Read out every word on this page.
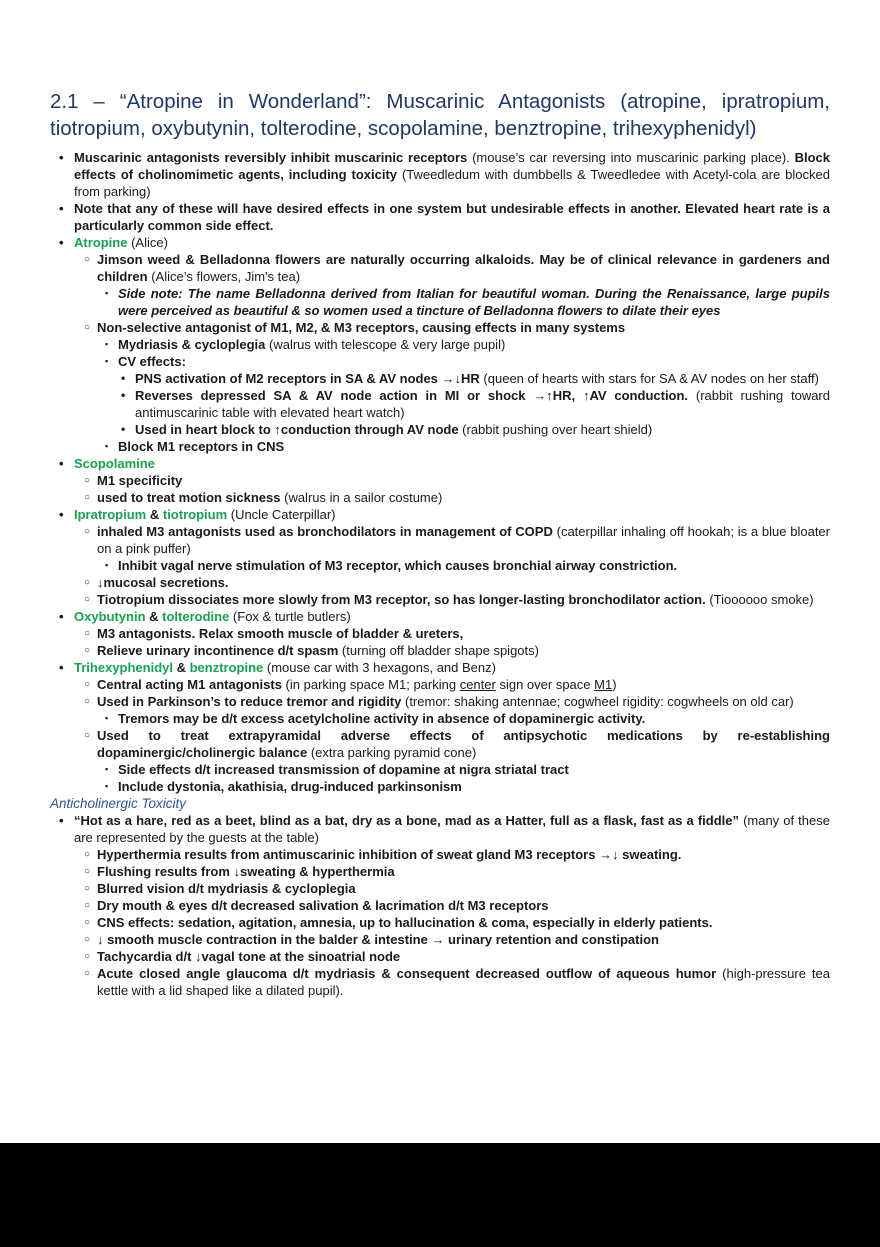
2.1 – “Atropine in Wonderland”: Muscarinic Antagonists (atropine, ipratropium, tiotropium, oxybutynin, tolterodine, scopolamine, benztropine, trihexyphenidyl)
• Muscarinic antagonists reversibly inhibit muscarinic receptors (mouse’s car reversing into muscarinic parking place). Block effects of cholinomimetic agents, including toxicity (Tweedledum with dumbbells & Tweedledee with Acetyl-cola are blocked from parking)
• Note that any of these will have desired effects in one system but undesirable effects in another. Elevated heart rate is a particularly common side effect.
• Atropine (Alice)
○ Jimson weed & Belladonna flowers are naturally occurring alkaloids. May be of clinical relevance in gardeners and children (Alice’s flowers, Jim's tea)
▪ Side note: The name Belladonna derived from Italian for beautiful woman. During the Renaissance, large pupils were perceived as beautiful & so women used a tincture of Belladonna flowers to dilate their eyes
○ Non-selective antagonist of M1, M2, & M3 receptors, causing effects in many systems
▪ Mydriasis & cycloplegia (walrus with telescope & very large pupil)
▪ CV effects:
• PNS activation of M2 receptors in SA & AV nodes →↓HR (queen of hearts with stars for SA & AV nodes on her staff)
• Reverses depressed SA & AV node action in MI or shock →↑HR, ↑AV conduction. (rabbit rushing toward antimuscarinic table with elevated heart watch)
• Used in heart block to ↑conduction through AV node (rabbit pushing over heart shield)
▪ Block M1 receptors in CNS
• Scopolamine
○ M1 specificity
○ used to treat motion sickness (walrus in a sailor costume)
• Ipratropium & tiotropium (Uncle Caterpillar)
○ inhaled M3 antagonists used as bronchodilators in management of COPD (caterpillar inhaling off hookah; is a blue bloater on a pink puffer)
▪ Inhibit vagal nerve stimulation of M3 receptor, which causes bronchial airway constriction.
○ ↓mucosal secretions.
○ Tiotropium dissociates more slowly from M3 receptor, so has longer-lasting bronchodilator action. (Tioooooo smoke)
• Oxybutynin & tolterodine (Fox & turtle butlers)
○ M3 antagonists. Relax smooth muscle of bladder & ureters,
○ Relieve urinary incontinence d/t spasm (turning off bladder shape spigots)
• Trihexyphenidyl & benztropine (mouse car with 3 hexagons, and Benz)
○ Central acting M1 antagonists (in parking space M1; parking center sign over space M1)
○ Used in Parkinson’s to reduce tremor and rigidity (tremor: shaking antennae; cogwheel rigidity: cogwheels on old car)
▪ Tremors may be d/t excess acetylcholine activity in absence of dopaminergic activity.
○ Used to treat extrapyramidal adverse effects of antipsychotic medications by re-establishing dopaminergic/cholinergic balance (extra parking pyramid cone)
▪ Side effects d/t increased transmission of dopamine at nigra striatal tract
▪ Include dystonia, akathisia, drug-induced parkinsonism
Anticholinergic Toxicity
• “Hot as a hare, red as a beet, blind as a bat, dry as a bone, mad as a Hatter, full as a flask, fast as a fiddle” (many of these are represented by the guests at the table)
○ Hyperthermia results from antimuscarinic inhibition of sweat gland M3 receptors →↓ sweating.
○ Flushing results from ↓sweating & hyperthermia
○ Blurred vision d/t mydriasis & cycloplegia
○ Dry mouth & eyes d/t decreased salivation & lacrimation d/t M3 receptors
○ CNS effects: sedation, agitation, amnesia, up to hallucination & coma, especially in elderly patients.
○ ↓ smooth muscle contraction in the balder & intestine → urinary retention and constipation
○ Tachycardia d/t ↓vagal tone at the sinoatrial node
○ Acute closed angle glaucoma d/t mydriasis & consequent decreased outflow of aqueous humor (high-pressure tea kettle with a lid shaped like a dilated pupil).
